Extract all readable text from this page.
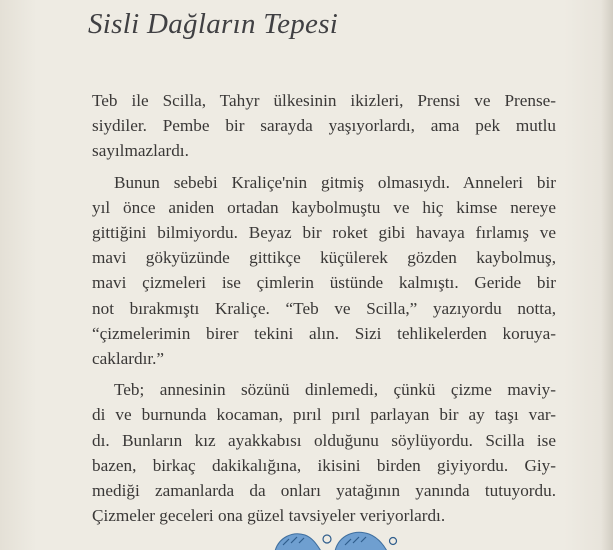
Sisli Dağların Tepesi
Teb ile Scilla, Tahyr ülkesinin ikizleri, Prensi ve Prense-
siydiler. Pembe bir sarayda yaşıyorlardı, ama pek mutlu
sayılmazlardı.
Bunun sebebi Kraliçe'nin gitmiş olmasıydı. Anneleri bir
yıl önce aniden ortadan kaybolmuştu ve hiç kimse nereye
gittiğini bilmiyordu. Beyaz bir roket gibi havaya fırlamış ve
mavi gökyüzünde gittikçe küçülerek gözden kaybolmuş,
mavi çizmeleri ise çimlerin üstünde kalmıştı. Geride bir
not bırakmıştı Kraliçe. “Teb ve Scilla,” yazıyordu notta,
“çizmelerimin birer tekini alın. Sizi tehlikelerden koruya-
caklardır.”
Teb; annesinin sözünü dinlemedi, çünkü çizme maviy-
di ve burnunda kocaman, pırıl pırıl parlayan bir ay taşı var-
dı. Bunların kız ayakkabısı olduğunu söylüyordu. Scilla ise
bazen, birkaç dakikalığına, ikisini birden giyiyordu. Giy-
mediği zamanlarda da onları yatağının yanında tutuyordu.
Çizmeler geceleri ona güzel tavsiyeler veriyorlardı.
